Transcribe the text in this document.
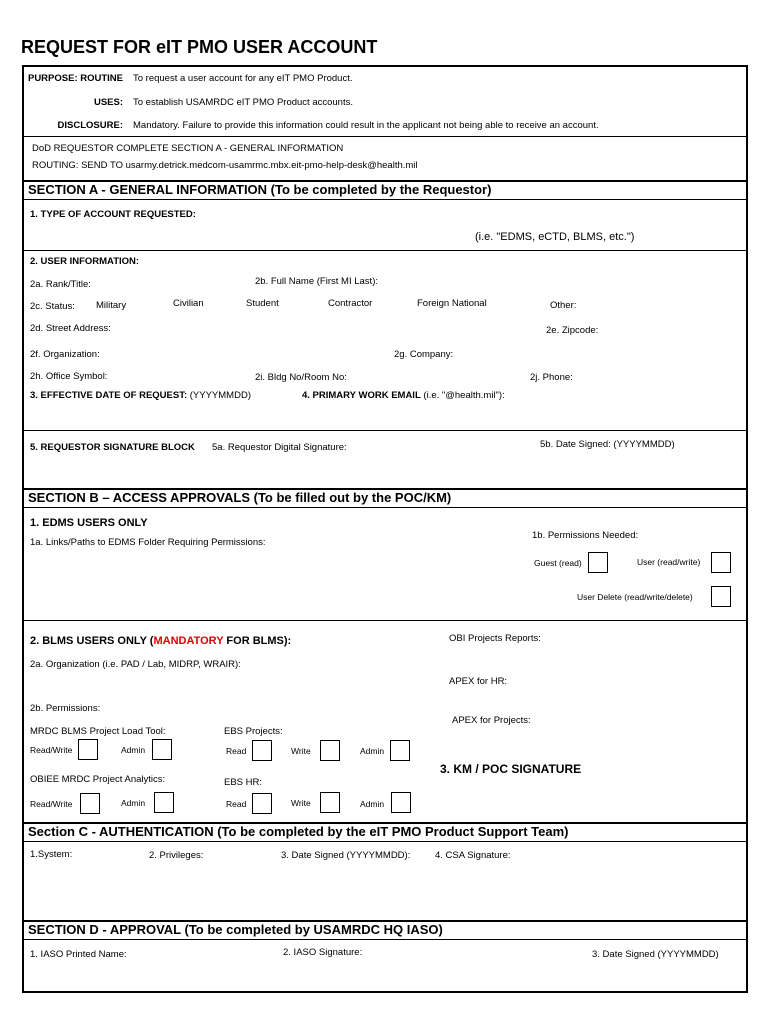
REQUEST FOR eIT PMO USER ACCOUNT
PURPOSE: ROUTINE To request a user account for any eIT PMO Product.
USES: To establish USAMRDC eIT PMO Product accounts.
DISCLOSURE: Mandatory. Failure to provide this information could result in the applicant not being able to receive an account.
DoD REQUESTOR COMPLETE SECTION A - GENERAL INFORMATION
ROUTING: SEND TO usarmy.detrick.medcom-usamrmc.mbx.eit-pmo-help-desk@health.mil
SECTION A - GENERAL INFORMATION (To be completed by the Requestor)
1. TYPE OF ACCOUNT REQUESTED:
(i.e. "EDMS, eCTD, BLMS, etc.")
2. USER INFORMATION:
2a. Rank/Title:	2b. Full Name (First MI Last):
2c. Status: Military	Civilian	Student	Contractor	Foreign National	Other:
2d. Street Address:	2e. Zipcode:
2f. Organization:	2g. Company:
2h. Office Symbol:	2i. Bldg No/Room No:	2j. Phone:
3. EFFECTIVE DATE OF REQUEST: (YYYYMMDD)	4. PRIMARY WORK EMAIL (i.e. "@health.mil"):
5. REQUESTOR SIGNATURE BLOCK 5a. Requestor Digital Signature:	5b. Date Signed: (YYYYMMDD)
SECTION B – ACCESS APPROVALS (To be filled out by the POC/KM)
1. EDMS USERS ONLY
1a. Links/Paths to EDMS Folder Requiring Permissions:
1b. Permissions Needed:
Guest (read)	User (read/write)
User Delete (read/write/delete)
2. BLMS USERS ONLY (MANDATORY FOR BLMS):	OBI Projects Reports:
2a. Organization (i.e. PAD / Lab, MIDRP, WRAIR):
APEX for HR:
2b. Permissions:
APEX for Projects:
MRDC BLMS Project Load Tool:	EBS Projects:
Read/Write	Admin	Read	Write	Admin
3. KM / POC SIGNATURE
OBIEE MRDC Project Analytics:	EBS HR:
Read/Write	Admin	Read	Write	Admin
Section C - AUTHENTICATION (To be completed by the eIT PMO Product Support Team)
1.System:	2. Privileges:	3. Date Signed (YYYYMMDD):	4. CSA Signature:
SECTION D - APPROVAL (To be completed by USAMRDC HQ IASO)
1. IASO Printed Name:	2. IASO Signature:	3. Date Signed (YYYYMMDD)
